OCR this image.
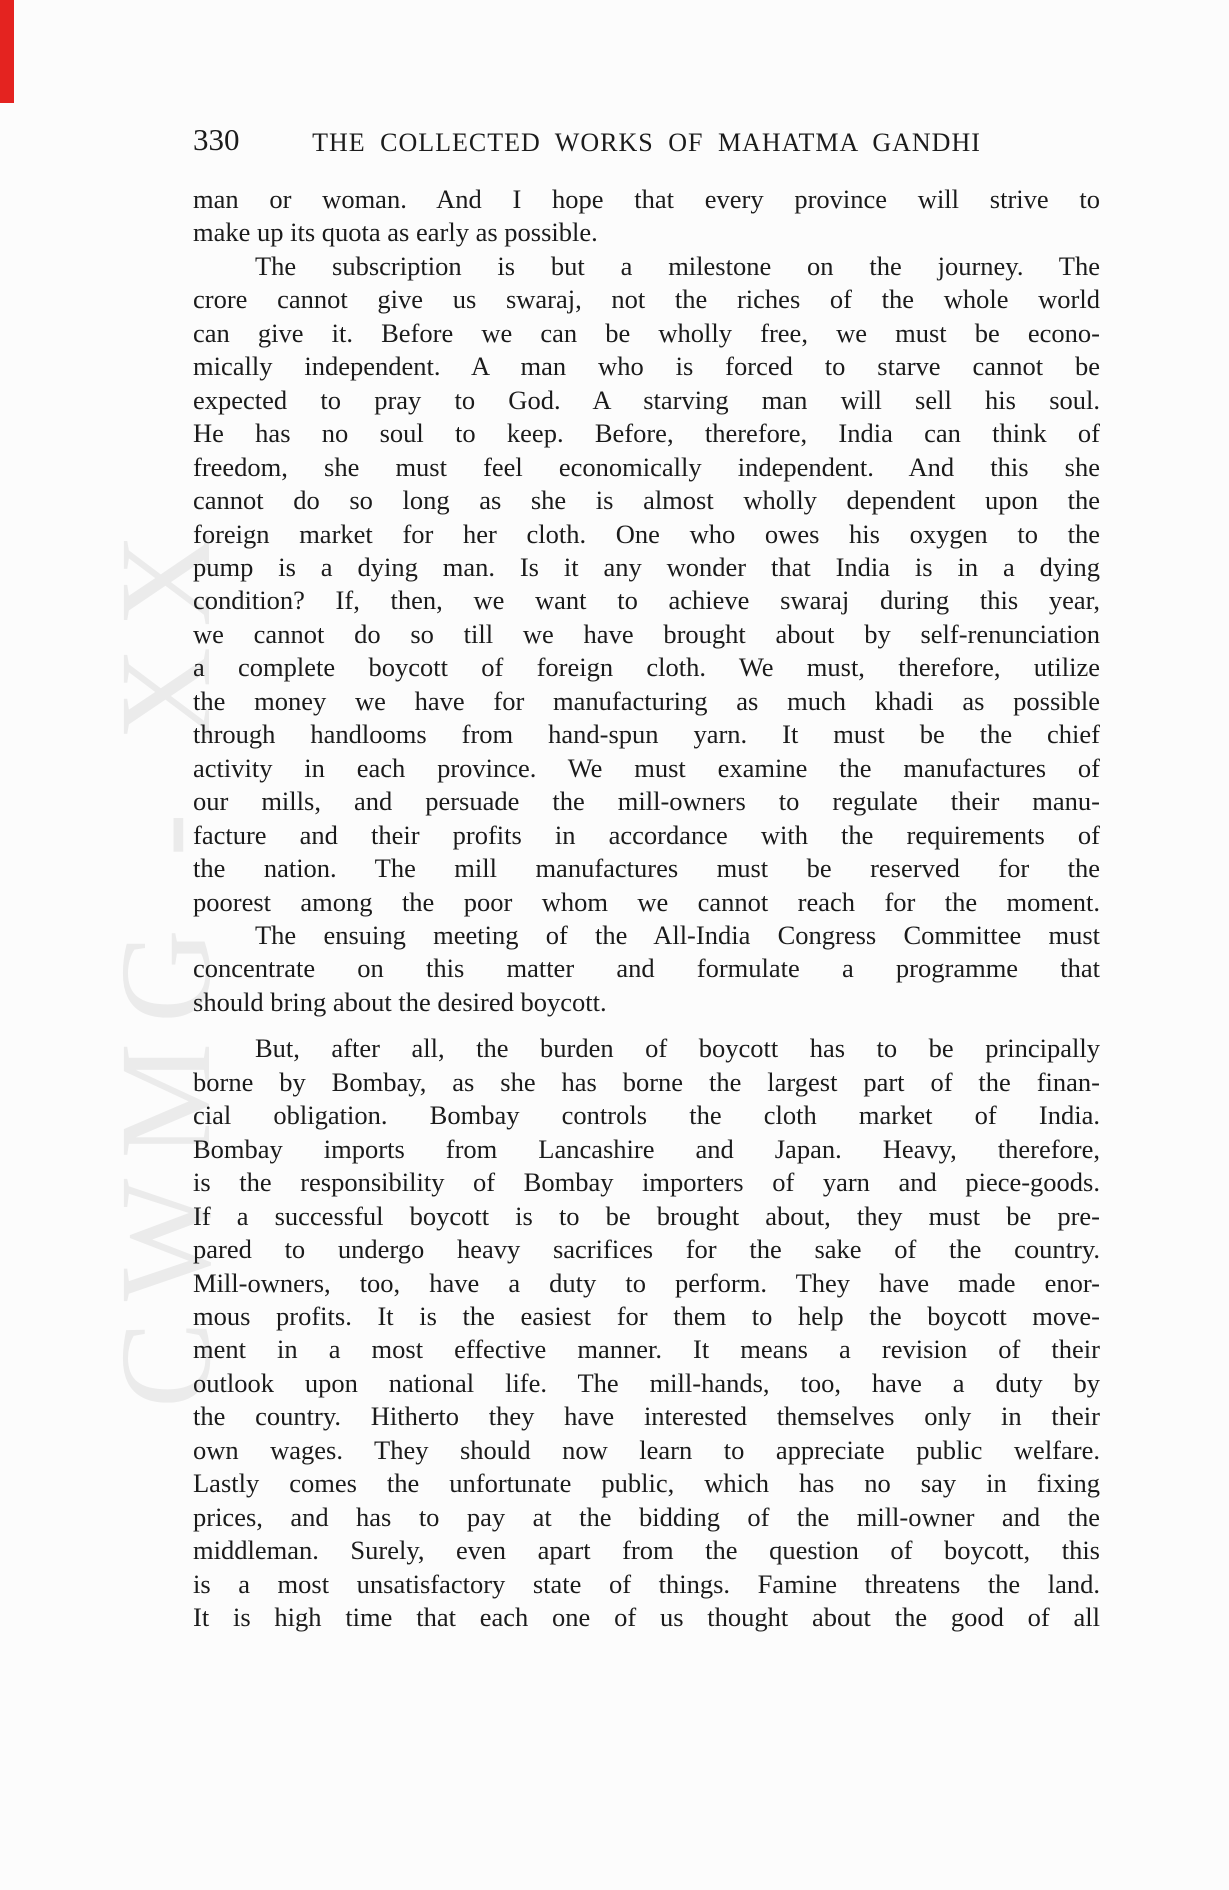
CWMG - XX
330	THE COLLECTED WORKS OF MAHATMA GANDHI
man or woman. And I hope that every province will strive to
make up its quota as early as possible.
The subscription is but a milestone on the journey. The
crore cannot give us swaraj, not the riches of the whole world
can give it. Before we can be wholly free, we must be econo-
mically independent. A man who is forced to starve cannot be
expected to pray to God. A starving man will sell his soul.
He has no soul to keep. Before, therefore, India can think of
freedom, she must feel economically independent. And this she
cannot do so long as she is almost wholly dependent upon the
foreign market for her cloth. One who owes his oxygen to the
pump is a dying man. Is it any wonder that India is in a dying
condition? If, then, we want to achieve swaraj during this year,
we cannot do so till we have brought about by self-renunciation
a complete boycott of foreign cloth. We must, therefore, utilize
the money we have for manufacturing as much khadi as possible
through handlooms from hand-spun yarn. It must be the chief
activity in each province. We must examine the manufactures of
our mills, and persuade the mill-owners to regulate their manu-
facture and their profits in accordance with the requirements of
the nation. The mill manufactures must be reserved for the
poorest among the poor whom we cannot reach for the moment.
The ensuing meeting of the All-India Congress Committee must
concentrate on this matter and formulate a programme that
should bring about the desired boycott.
But, after all, the burden of boycott has to be principally
borne by Bombay, as she has borne the largest part of the finan-
cial obligation. Bombay controls the cloth market of India.
Bombay imports from Lancashire and Japan. Heavy, therefore,
is the responsibility of Bombay importers of yarn and piece-goods.
If a successful boycott is to be brought about, they must be pre-
pared to undergo heavy sacrifices for the sake of the country.
Mill-owners, too, have a duty to perform. They have made enor-
mous profits. It is the easiest for them to help the boycott move-
ment in a most effective manner. It means a revision of their
outlook upon national life. The mill-hands, too, have a duty by
the country. Hitherto they have interested themselves only in their
own wages. They should now learn to appreciate public welfare.
Lastly comes the unfortunate public, which has no say in fixing
prices, and has to pay at the bidding of the mill-owner and the
middleman. Surely, even apart from the question of boycott, this
is a most unsatisfactory state of things. Famine threatens the land.
It is high time that each one of us thought about the good of all
